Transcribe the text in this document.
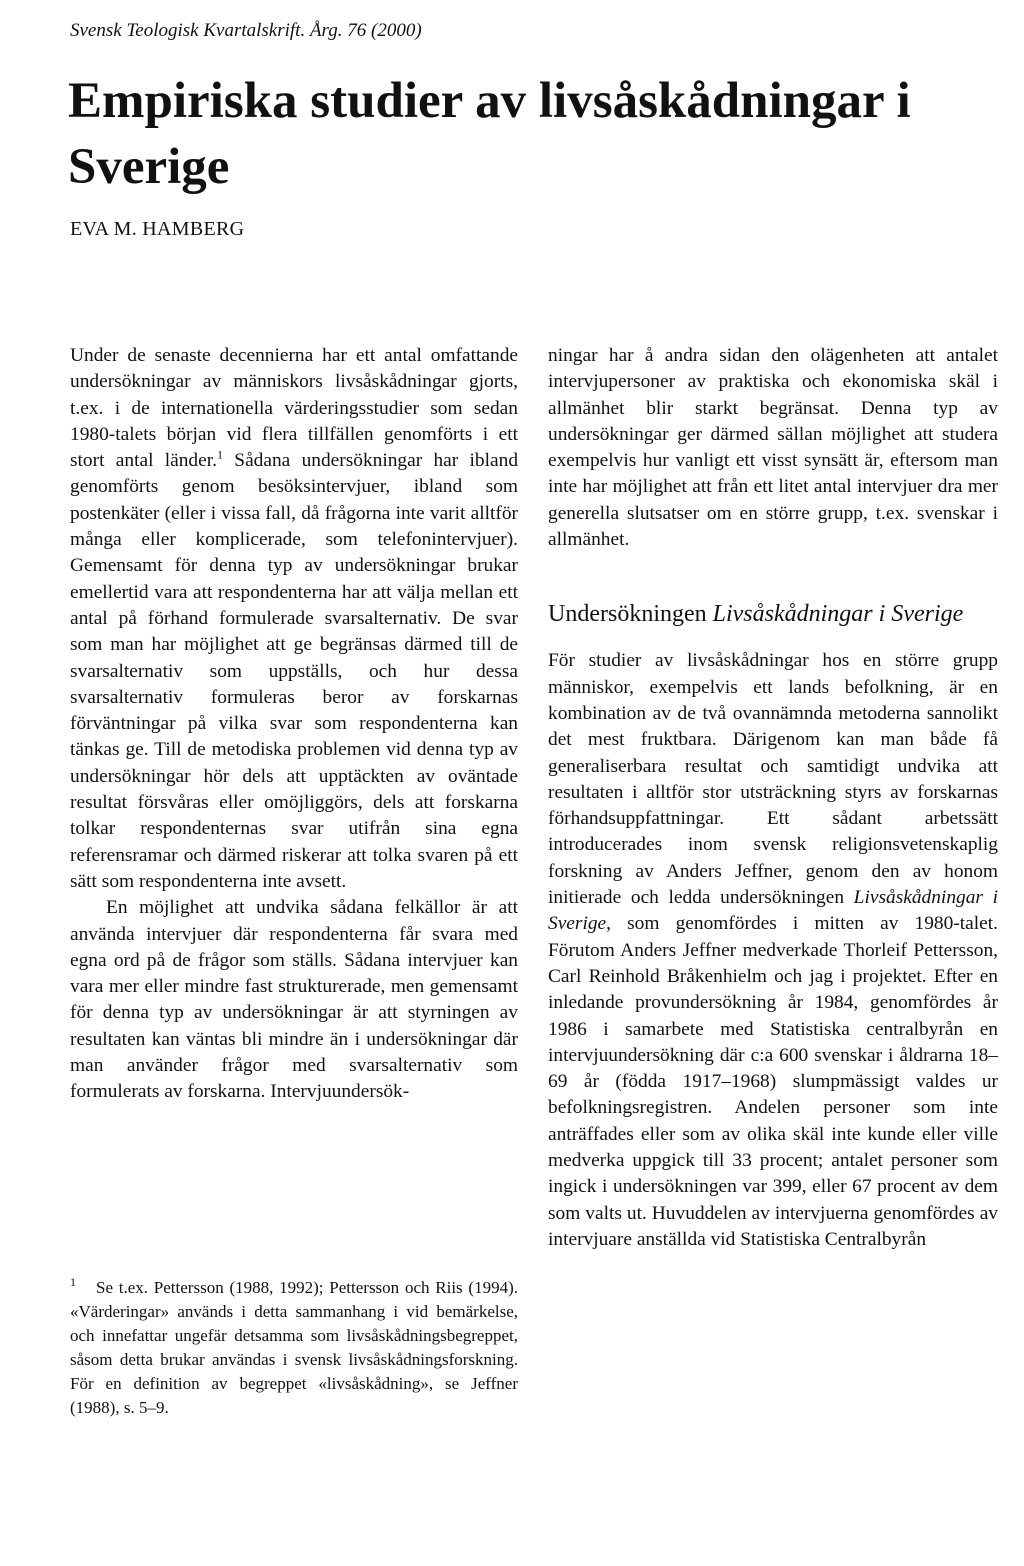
Svensk Teologisk Kvartalskrift. Årg. 76 (2000)
Empiriska studier av livsåskådningar i Sverige
EVA M. HAMBERG

Under de senaste decennierna har ett antal omfattande undersökningar av människors livsåskådningar gjorts, t.ex. i de internationella värderingsstudier som sedan 1980-talets början vid flera tillfällen genomförts i ett stort antal länder.$^1$ Sådana undersökningar har ibland genomförts genom besöksintervjuer, ibland som postenkäter (eller i vissa fall, då frågorna inte varit alltför många eller komplicerade, som telefonintervjuer). Gemensamt för denna typ av undersökningar brukar emellertid vara att respondenterna har att välja mellan ett antal på förhand formulerade svarsalternativ. De svar som man har möjlighet att ge begränsas därmed till de svarsalternativ som uppställs, och hur dessa svarsalternativ formuleras beror av forskarnas förväntningar på vilka svar som respondenterna kan tänkas ge. Till de metodiska problemen vid denna typ av undersökningar hör dels att upptäckten av oväntade resultat försvåras eller omöjliggörs, dels att forskarna tolkar respondenternas svar utifrån sina egna referensramar och därmed riskerar att tolka svaren på ett sätt som respondenterna inte avsett.

En möjlighet att undvika sådana felkällor är att använda intervjuer där respondenterna får svara med egna ord på de frågor som ställs. Sådana intervjuer kan vara mer eller mindre fast strukturerade, men gemensamt för denna typ av undersökningar är att styrningen av resultaten kan väntas bli mindre än i undersökningar där man använder frågor med svarsalternativ som formulerats av forskarna. Intervjuundersök-

$^1$ Se t.ex. Pettersson (1988, 1992); Pettersson och Riis (1994). «Värderingar» används i detta sammanhang i vid bemärkelse, och innefattar ungefär detsamma som livsåskådningsbegreppet, såsom detta brukar användas i svensk livsåskådningsforskning. För en definition av begreppet «livsåskådning», se Jeffner (1988), s. 5–9.

ningar har å andra sidan den olägenheten att antalet intervjupersoner av praktiska och ekonomiska skäl i allmänhet blir starkt begränsat. Denna typ av undersökningar ger därmed sällan möjlighet att studera exempelvis hur vanligt ett visst synsätt är, eftersom man inte har möjlighet att från ett litet antal intervjuer dra mer generella slutsatser om en större grupp, t.ex. svenskar i allmänhet.

Undersökningen Livsåskådningar i Sverige

För studier av livsåskådningar hos en större grupp människor, exempelvis ett lands befolkning, är en kombination av de två ovannämnda metoderna sannolikt det mest fruktbara. Därigenom kan man både få generaliserbara resultat och samtidigt undvika att resultaten i alltför stor utsträckning styrs av forskarnas förhandsuppfattningar. Ett sådant arbetssätt introducerades inom svensk religionsvetenskaplig forskning av Anders Jeffner, genom den av honom initierade och ledda undersökningen Livsåskådningar i Sverige, som genomfördes i mitten av 1980-talet. Förutom Anders Jeffner medverkade Thorleif Pettersson, Carl Reinhold Bråkenhielm och jag i projektet. Efter en inledande provundersökning år 1984, genomfördes år 1986 i samarbete med Statistiska centralbyrån en intervjuundersökning där c:a 600 svenskar i åldrarna 18–69 år (födda 1917–1968) slumpmässigt valdes ur befolkningsregistren. Andelen personer som inte anträffades eller som av olika skäl inte kunde eller ville medverka uppgick till 33 procent; antalet personer som ingick i undersökningen var 399, eller 67 procent av dem som valts ut. Huvuddelen av intervjuerna genomfördes av intervjuare anställda vid Statistiska Centralbyrån
